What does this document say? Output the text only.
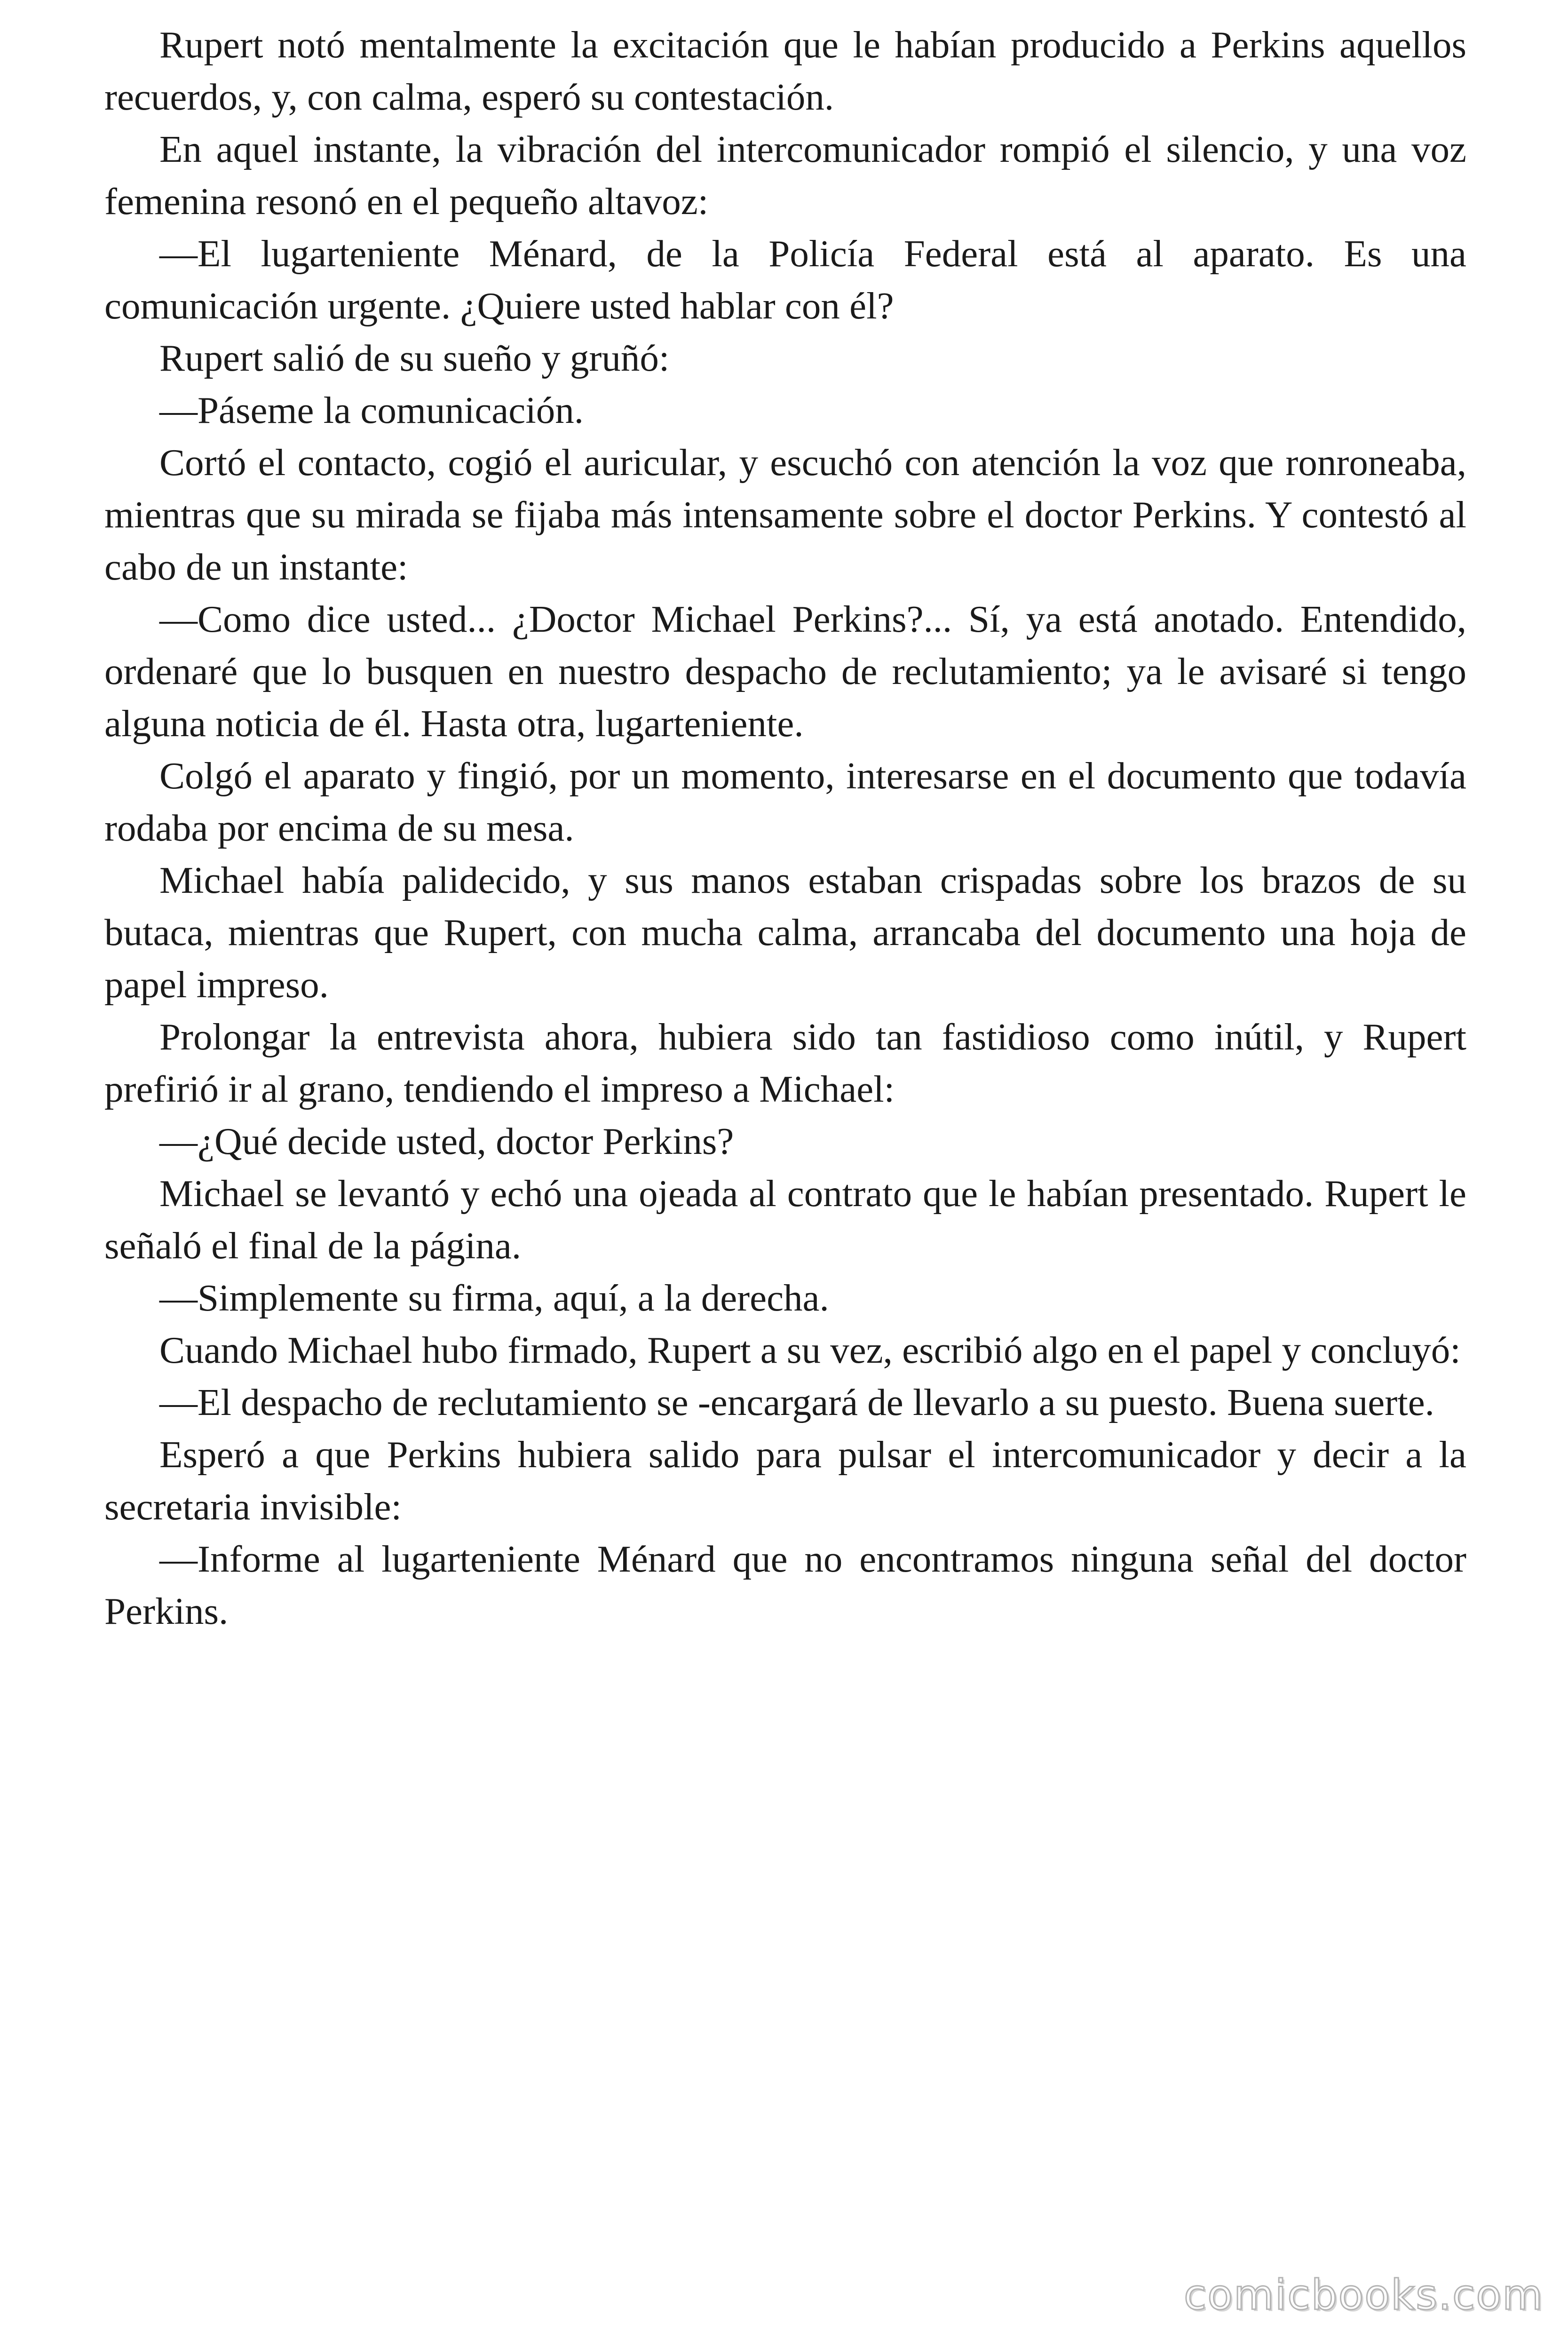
Rupert notó mentalmente la excitación que le habían producido a Perkins aquellos recuerdos, y, con calma, esperó su contestación.

En aquel instante, la vibración del intercomunicador rompió el silencio, y una voz femenina resonó en el pequeño altavoz:

—El lugarteniente Ménard, de la Policía Federal está al aparato. Es una comunicación urgente. ¿Quiere usted hablar con él?

Rupert salió de su sueño y gruñó:

—Páseme la comunicación.

Cortó el contacto, cogió el auricular, y escuchó con atención la voz que ronroneaba, mientras que su mirada se fijaba más intensamente sobre el doctor Perkins. Y contestó al cabo de un instante:

—Como dice usted... ¿Doctor Michael Perkins?... Sí, ya está anotado. Entendido, ordenaré que lo busquen en nuestro despacho de reclutamiento; ya le avisaré si tengo alguna noticia de él. Hasta otra, lugarteniente.

Colgó el aparato y fingió, por un momento, interesarse en el documento que todavía rodaba por encima de su mesa.

Michael había palidecido, y sus manos estaban crispadas sobre los brazos de su butaca, mientras que Rupert, con mucha calma, arrancaba del documento una hoja de papel impreso.

Prolongar la entrevista ahora, hubiera sido tan fastidioso como inútil, y Rupert prefirió ir al grano, tendiendo el impreso a Michael:

—¿Qué decide usted, doctor Perkins?

Michael se levantó y echó una ojeada al contrato que le habían presentado. Rupert le señaló el final de la página.

—Simplemente su firma, aquí, a la derecha.

Cuando Michael hubo firmado, Rupert a su vez, escribió algo en el papel y concluyó:

—El despacho de reclutamiento se -encargará de llevarlo a su puesto. Buena suerte.

Esperó a que Perkins hubiera salido para pulsar el intercomunicador y decir a la secretaria invisible:

—Informe al lugarteniente Ménard que no encontramos ninguna señal del doctor Perkins.

comicbooks.com
